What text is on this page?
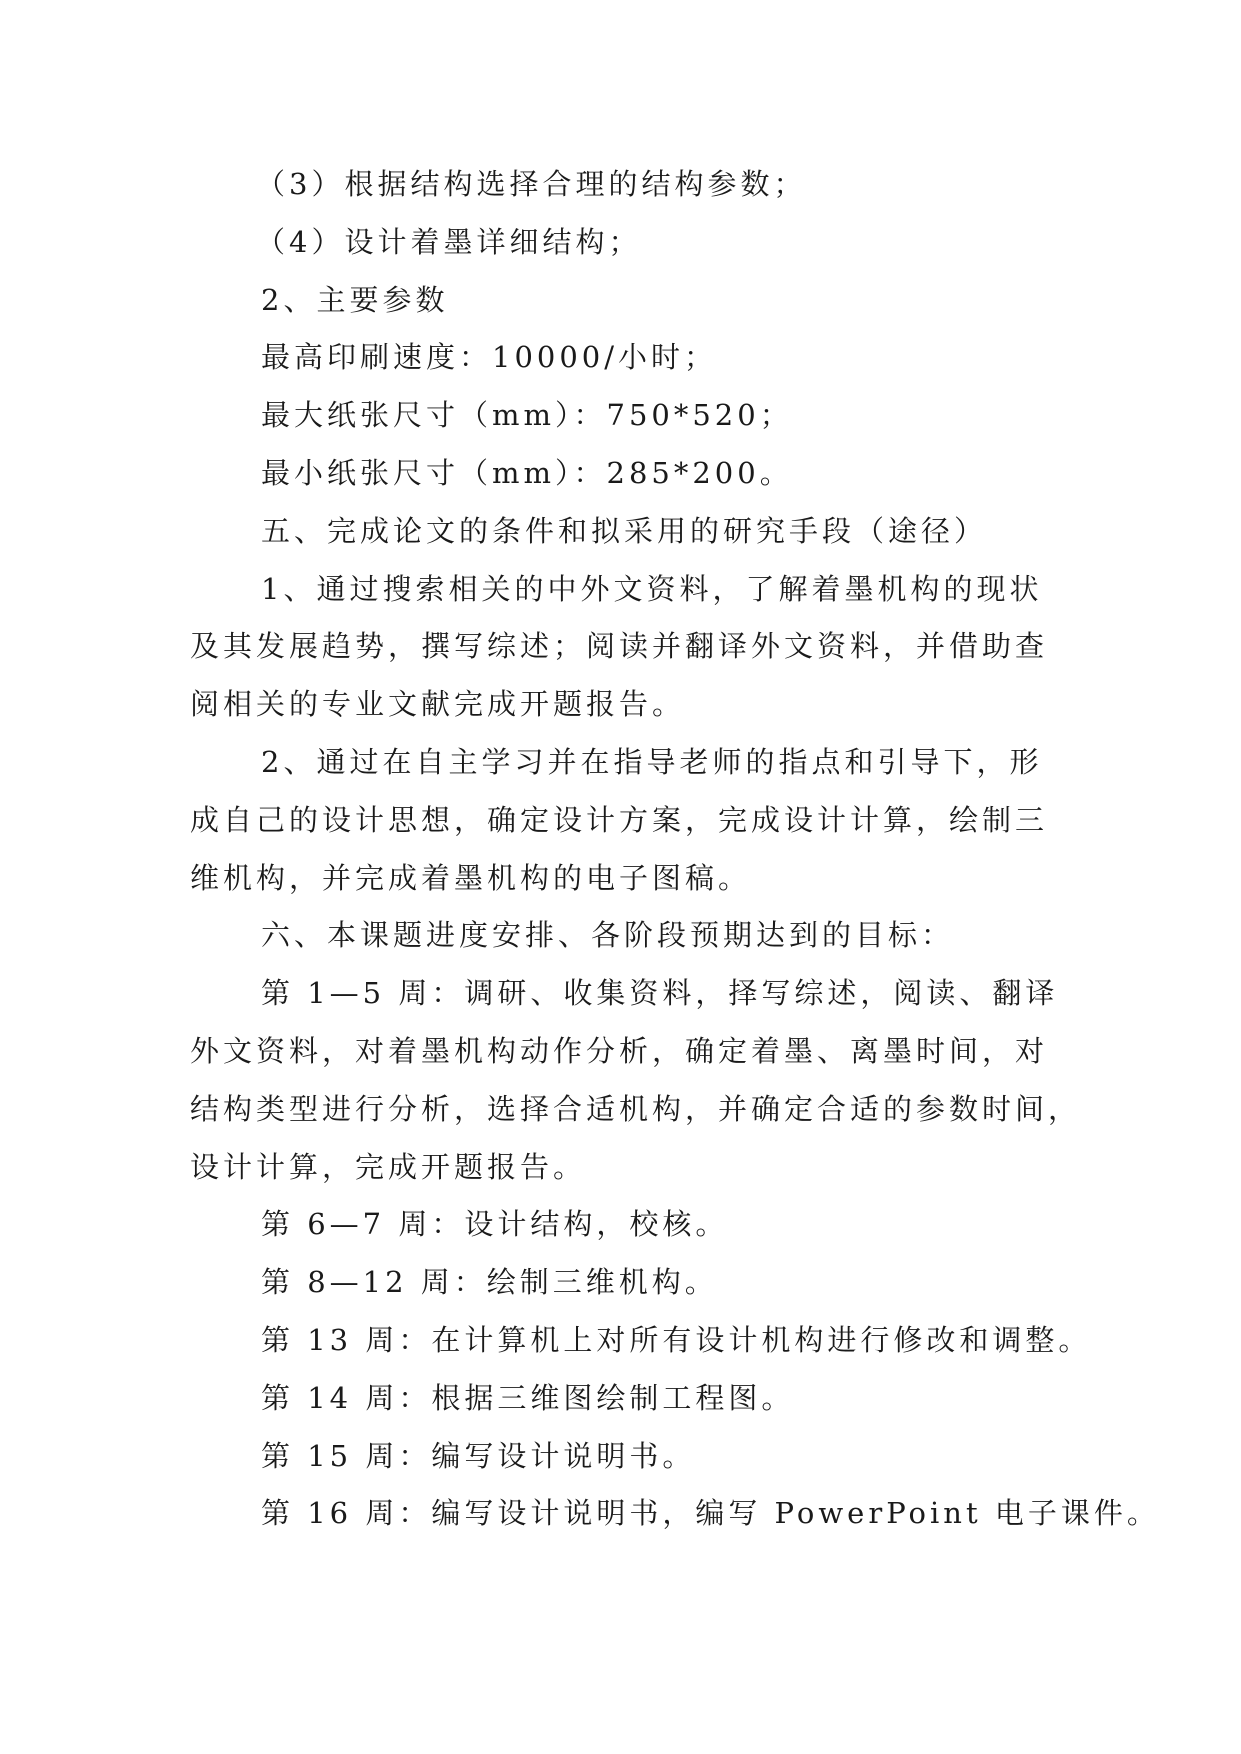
（3）根据结构选择合理的结构参数；

（4）设计着墨详细结构；

2、主要参数

最高印刷速度：10000/小时；

最大纸张尺寸（mm）：750*520；

最小纸张尺寸（mm）：285*200。

五、完成论文的条件和拟采用的研究手段（途径）

1、通过搜索相关的中外文资料，了解着墨机构的现状

及其发展趋势，撰写综述；阅读并翻译外文资料，并借助查

阅相关的专业文献完成开题报告。

2、通过在自主学习并在指导老师的指点和引导下，形

成自己的设计思想，确定设计方案，完成设计计算，绘制三

维机构，并完成着墨机构的电子图稿。

六、本课题进度安排、各阶段预期达到的目标：

第 1—5 周：调研、收集资料，择写综述，阅读、翻译

外文资料，对着墨机构动作分析，确定着墨、离墨时间，对

结构类型进行分析，选择合适机构，并确定合适的参数时间，

设计计算，完成开题报告。

第 6—7 周：设计结构，校核。

第 8—12 周：绘制三维机构。

第 13 周：在计算机上对所有设计机构进行修改和调整。

第 14 周：根据三维图绘制工程图。

第 15 周：编写设计说明书。

第 16 周：编写设计说明书，编写 PowerPoint 电子课件。
